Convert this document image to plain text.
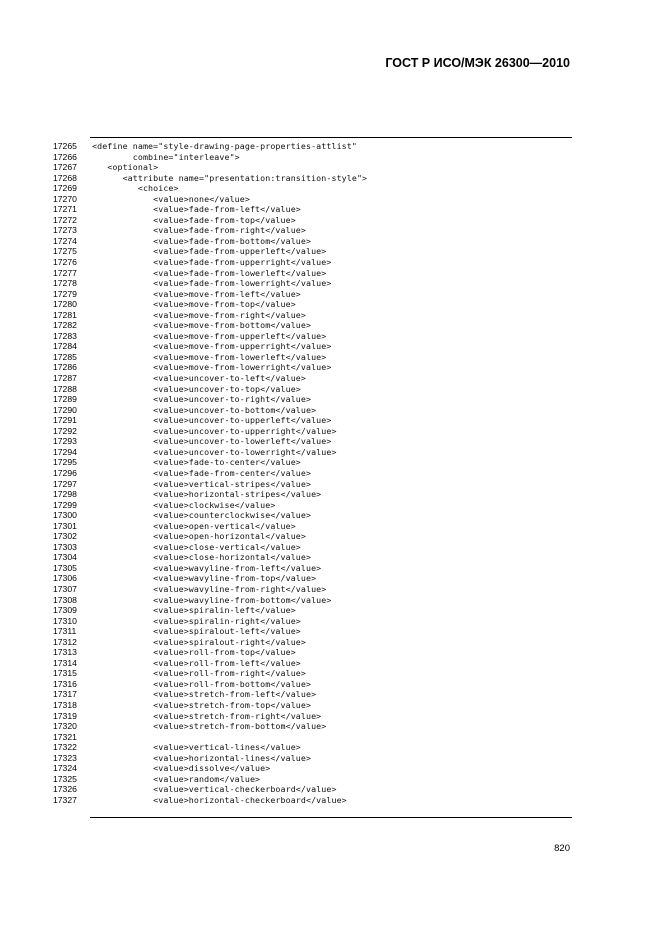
ГОСТ Р ИСО/МЭК 26300—2010
17265	<define name="style-drawing-page-properties-attlist"
17266	combine="interleave">
17267	<optional>
17268	<attribute name="presentation:transition-style">
17269	<choice>
17270	<value>none</value>
17271	<value>fade-from-left</value>
17272	<value>fade-from-top</value>
17273	<value>fade-from-right</value>
17274	<value>fade-from-bottom</value>
17275	<value>fade-from-upperleft</value>
17276	<value>fade-from-upperright</value>
17277	<value>fade-from-lowerleft</value>
17278	<value>fade-from-lowerright</value>
17279	<value>move-from-left</value>
17280	<value>move-from-top</value>
17281	<value>move-from-right</value>
17282	<value>move-from-bottom</value>
17283	<value>move-from-upperleft</value>
17284	<value>move-from-upperright</value>
17285	<value>move-from-lowerleft</value>
17286	<value>move-from-lowerright</value>
17287	<value>uncover-to-left</value>
17288	<value>uncover-to-top</value>
17289	<value>uncover-to-right</value>
17290	<value>uncover-to-bottom</value>
17291	<value>uncover-to-upperleft</value>
17292	<value>uncover-to-upperright</value>
17293	<value>uncover-to-lowerleft</value>
17294	<value>uncover-to-lowerright</value>
17295	<value>fade-to-center</value>
17296	<value>fade-from-center</value>
17297	<value>vertical-stripes</value>
17298	<value>horizontal-stripes</value>
17299	<value>clockwise</value>
17300	<value>counterclockwise</value>
17301	<value>open-vertical</value>
17302	<value>open-horizontal</value>
17303	<value>close-vertical</value>
17304	<value>close-horizontal</value>
17305	<value>wavyline-from-left</value>
17306	<value>wavyline-from-top</value>
17307	<value>wavyline-from-right</value>
17308	<value>wavyline-from-bottom</value>
17309	<value>spiralin-left</value>
17310	<value>spiralin-right</value>
17311	<value>spiralout-left</value>
17312	<value>spiralout-right</value>
17313	<value>roll-from-top</value>
17314	<value>roll-from-left</value>
17315	<value>roll-from-right</value>
17316	<value>roll-from-bottom</value>
17317	<value>stretch-from-left</value>
17318	<value>stretch-from-top</value>
17319	<value>stretch-from-right</value>
17320	<value>stretch-from-bottom</value>
17321
17322	<value>vertical-lines</value>
17323	<value>horizontal-lines</value>
17324	<value>dissolve</value>
17325	<value>random</value>
17326	<value>vertical-checkerboard</value>
17327	<value>horizontal-checkerboard</value>
820
